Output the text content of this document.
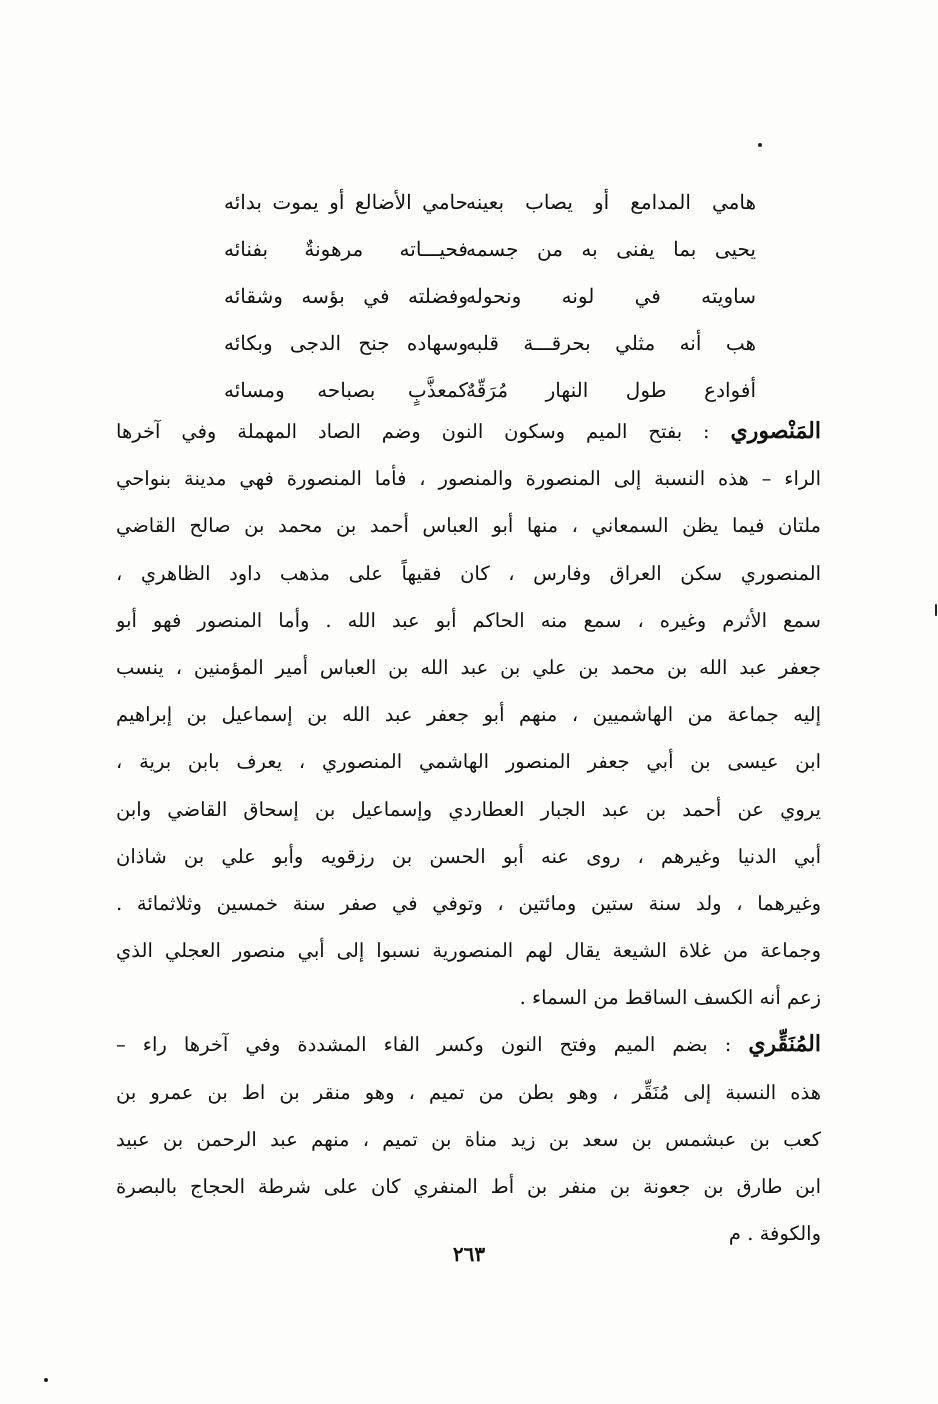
هامي المدامع أو يصاب بعينه
حامي الأضالع أو يموت بدائه
يحيى بما يفنى به من جسمه
فحيـــاته مرهونةٌ بفنائه
ساويته في لونه ونحوله
وفضلته في بؤسه وشقائه
هب أنه مثلي بحرقـــة قلبه
وسهاده جنح الدجى وبكائه
أفوادع طول النهار مُرَقّهٌ
كمعذَّبٍ بصباحه ومسائه

المَنْصوري : بفتح الميم وسكون النون وضم الصاد المهملة وفي آخرها
الراء – هذه النسبة إلى المنصورة والمنصور ، فأما المنصورة فهي مدينة بنواحي
ملتان فيما يظن السمعاني ، منها أبو العباس أحمد بن محمد بن صالح القاضي
المنصوري سكن العراق وفارس ، كان فقيهاً على مذهب داود الظاهري ،
سمع الأثرم وغيره ، سمع منه الحاكم أبو عبد الله . وأما المنصور فهو أبو
جعفر عبد الله بن محمد بن علي بن عبد الله بن العباس أمير المؤمنين ، ينسب
إليه جماعة من الهاشميين ، منهم أبو جعفر عبد الله بن إسماعيل بن إبراهيم
ابن عيسى بن أبي جعفر المنصور الهاشمي المنصوري ، يعرف بابن برية ،
يروي عن أحمد بن عبد الجبار العطاردي وإسماعيل بن إسحاق القاضي وابن
أبي الدنيا وغيرهم ، روى عنه أبو الحسن بن رزقويه وأبو علي بن شاذان
وغيرهما ، ولد سنة ستين ومائتين ، وتوفي في صفر سنة خمسين وثلاثمائة .
وجماعة من غلاة الشيعة يقال لهم المنصورية نسبوا إلى أبي منصور العجلي الذي
زعم أنه الكسف الساقط من السماء .

المُنَقِّري : بضم الميم وفتح النون وكسر الفاء المشددة وفي آخرها راء –
هذه النسبة إلى مُنَقِّر ، وهو بطن من تميم ، وهو منقر بن اط بن عمرو بن
كعب بن عبشمس بن سعد بن زيد مناة بن تميم ، منهم عبد الرحمن بن عبيد
ابن طارق بن جعونة بن منفر بن أط المنفري كان على شرطة الحجاج بالبصرة
والكوفة . م

٢٦٣
